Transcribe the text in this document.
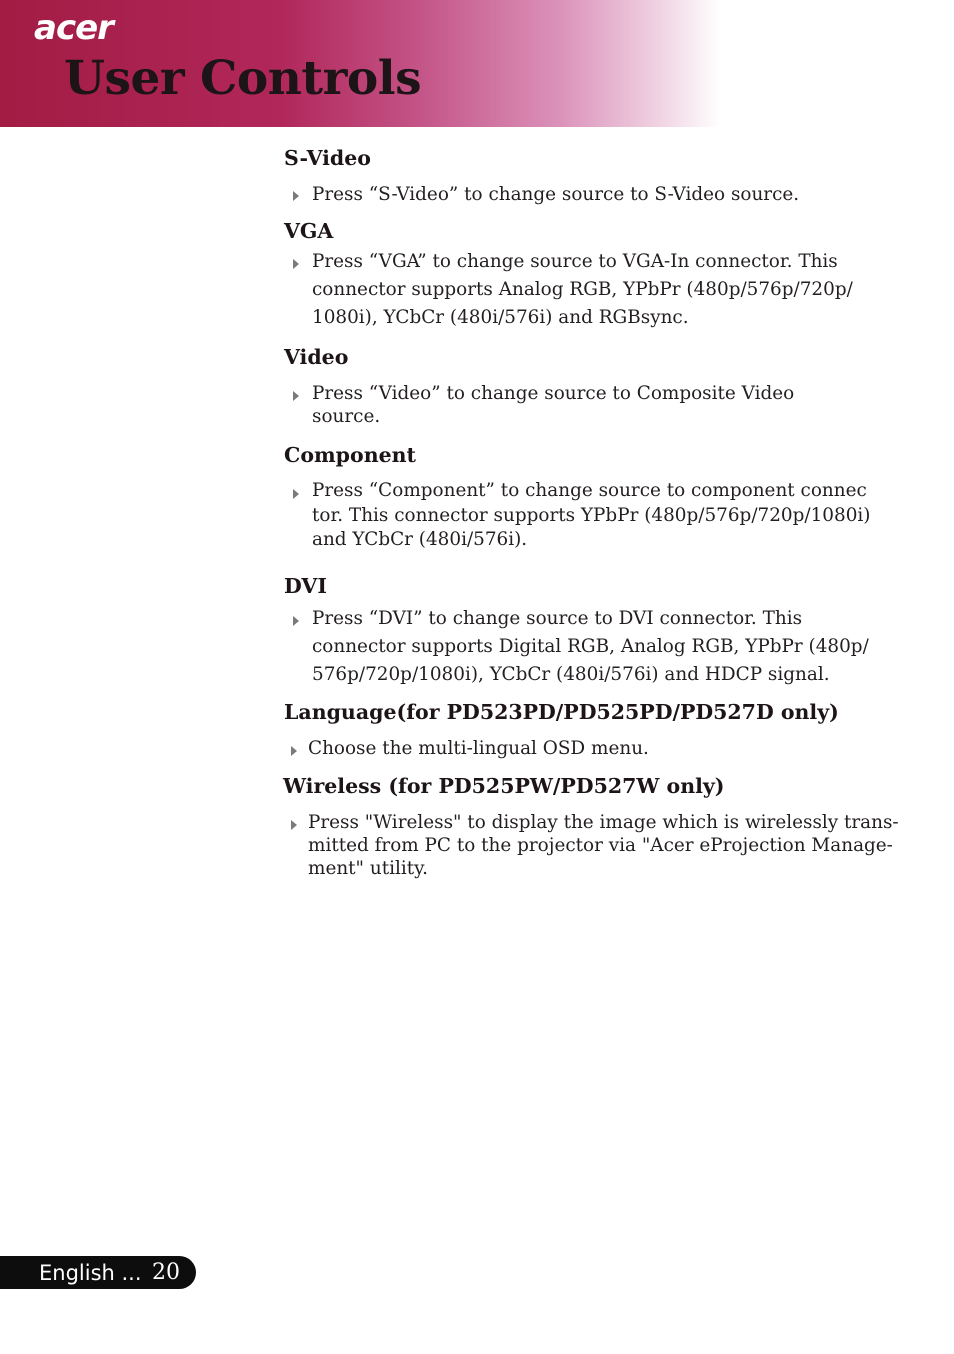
acer
User Controls
S-Video

Press “S-Video” to change source to S-Video source.

VGA

Press “VGA” to change source to VGA-In connector. This
connector supports Analog RGB, YPbPr (480p/576p/720p/
1080i), YCbCr (480i/576i) and RGBsync.

Video

Press “Video” to change source to Composite Video
source.

Component

Press “Component” to change source to component connec
tor. This connector supports YPbPr (480p/576p/720p/1080i)
and YCbCr (480i/576i).

DVI

Press “DVI” to change source to DVI connector. This
connector supports Digital RGB, Analog RGB, YPbPr (480p/
576p/720p/1080i), YCbCr (480i/576i) and HDCP signal.

Language(for PD523PD/PD525PD/PD527D only)

Choose the multi-lingual OSD menu.

Wireless (for PD525PW/PD527W only)

Press "Wireless" to display the image which is wirelessly trans-
mitted from PC to the projector via "Acer eProjection Manage-
ment" utility.

English ... 20
